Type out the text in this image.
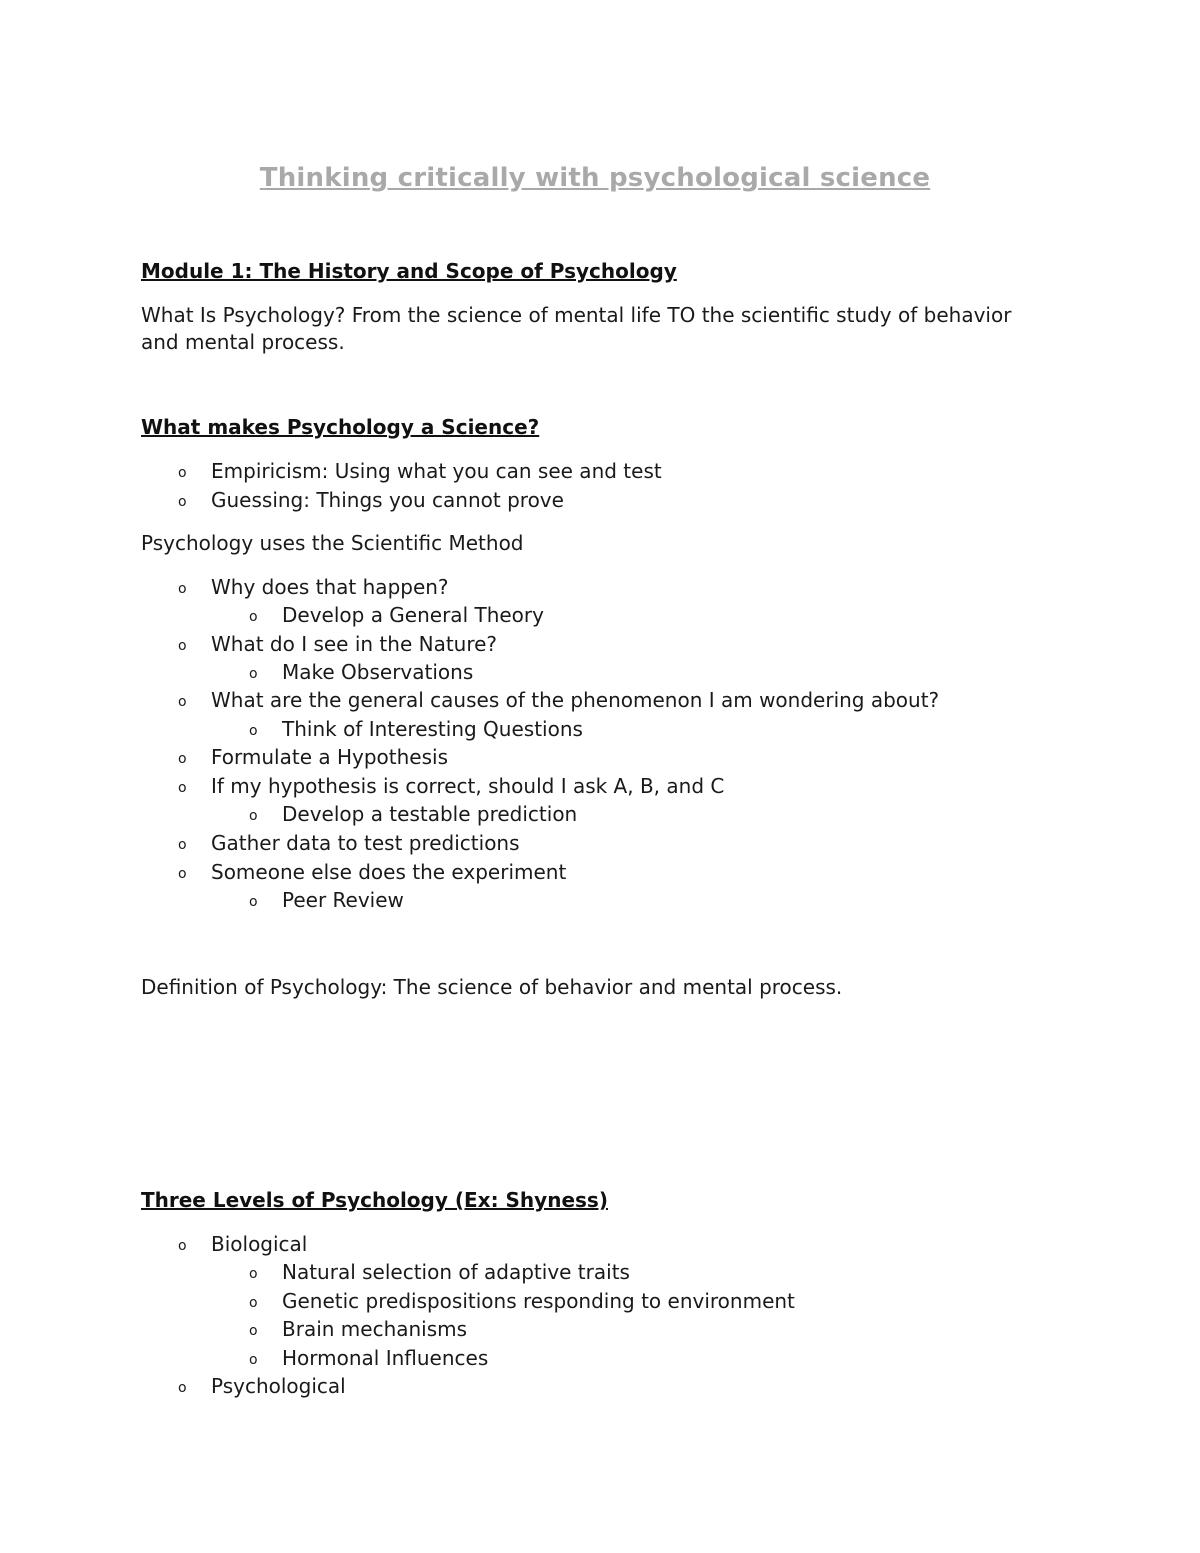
Thinking critically with psychological science
Module 1: The History and Scope of Psychology

What Is Psychology? From the science of mental life TO the scientific study of behavior and mental process.

What makes Psychology a Science?
o Empiricism: Using what you can see and test
o Guessing: Things you cannot prove

Psychology uses the Scientific Method

o Why does that happen?
o Develop a General Theory
o What do I see in the Nature?
o Make Observations
o What are the general causes of the phenomenon I am wondering about?
o Think of Interesting Questions
o Formulate a Hypothesis
o If my hypothesis is correct, should I ask A, B, and C
o Develop a testable prediction
o Gather data to test predictions
o Someone else does the experiment
o Peer Review

Definition of Psychology: The science of behavior and mental process.

Three Levels of Psychology (Ex: Shyness)
o Biological
o Natural selection of adaptive traits
o Genetic predispositions responding to environment
o Brain mechanisms
o Hormonal Influences
o Psychological
